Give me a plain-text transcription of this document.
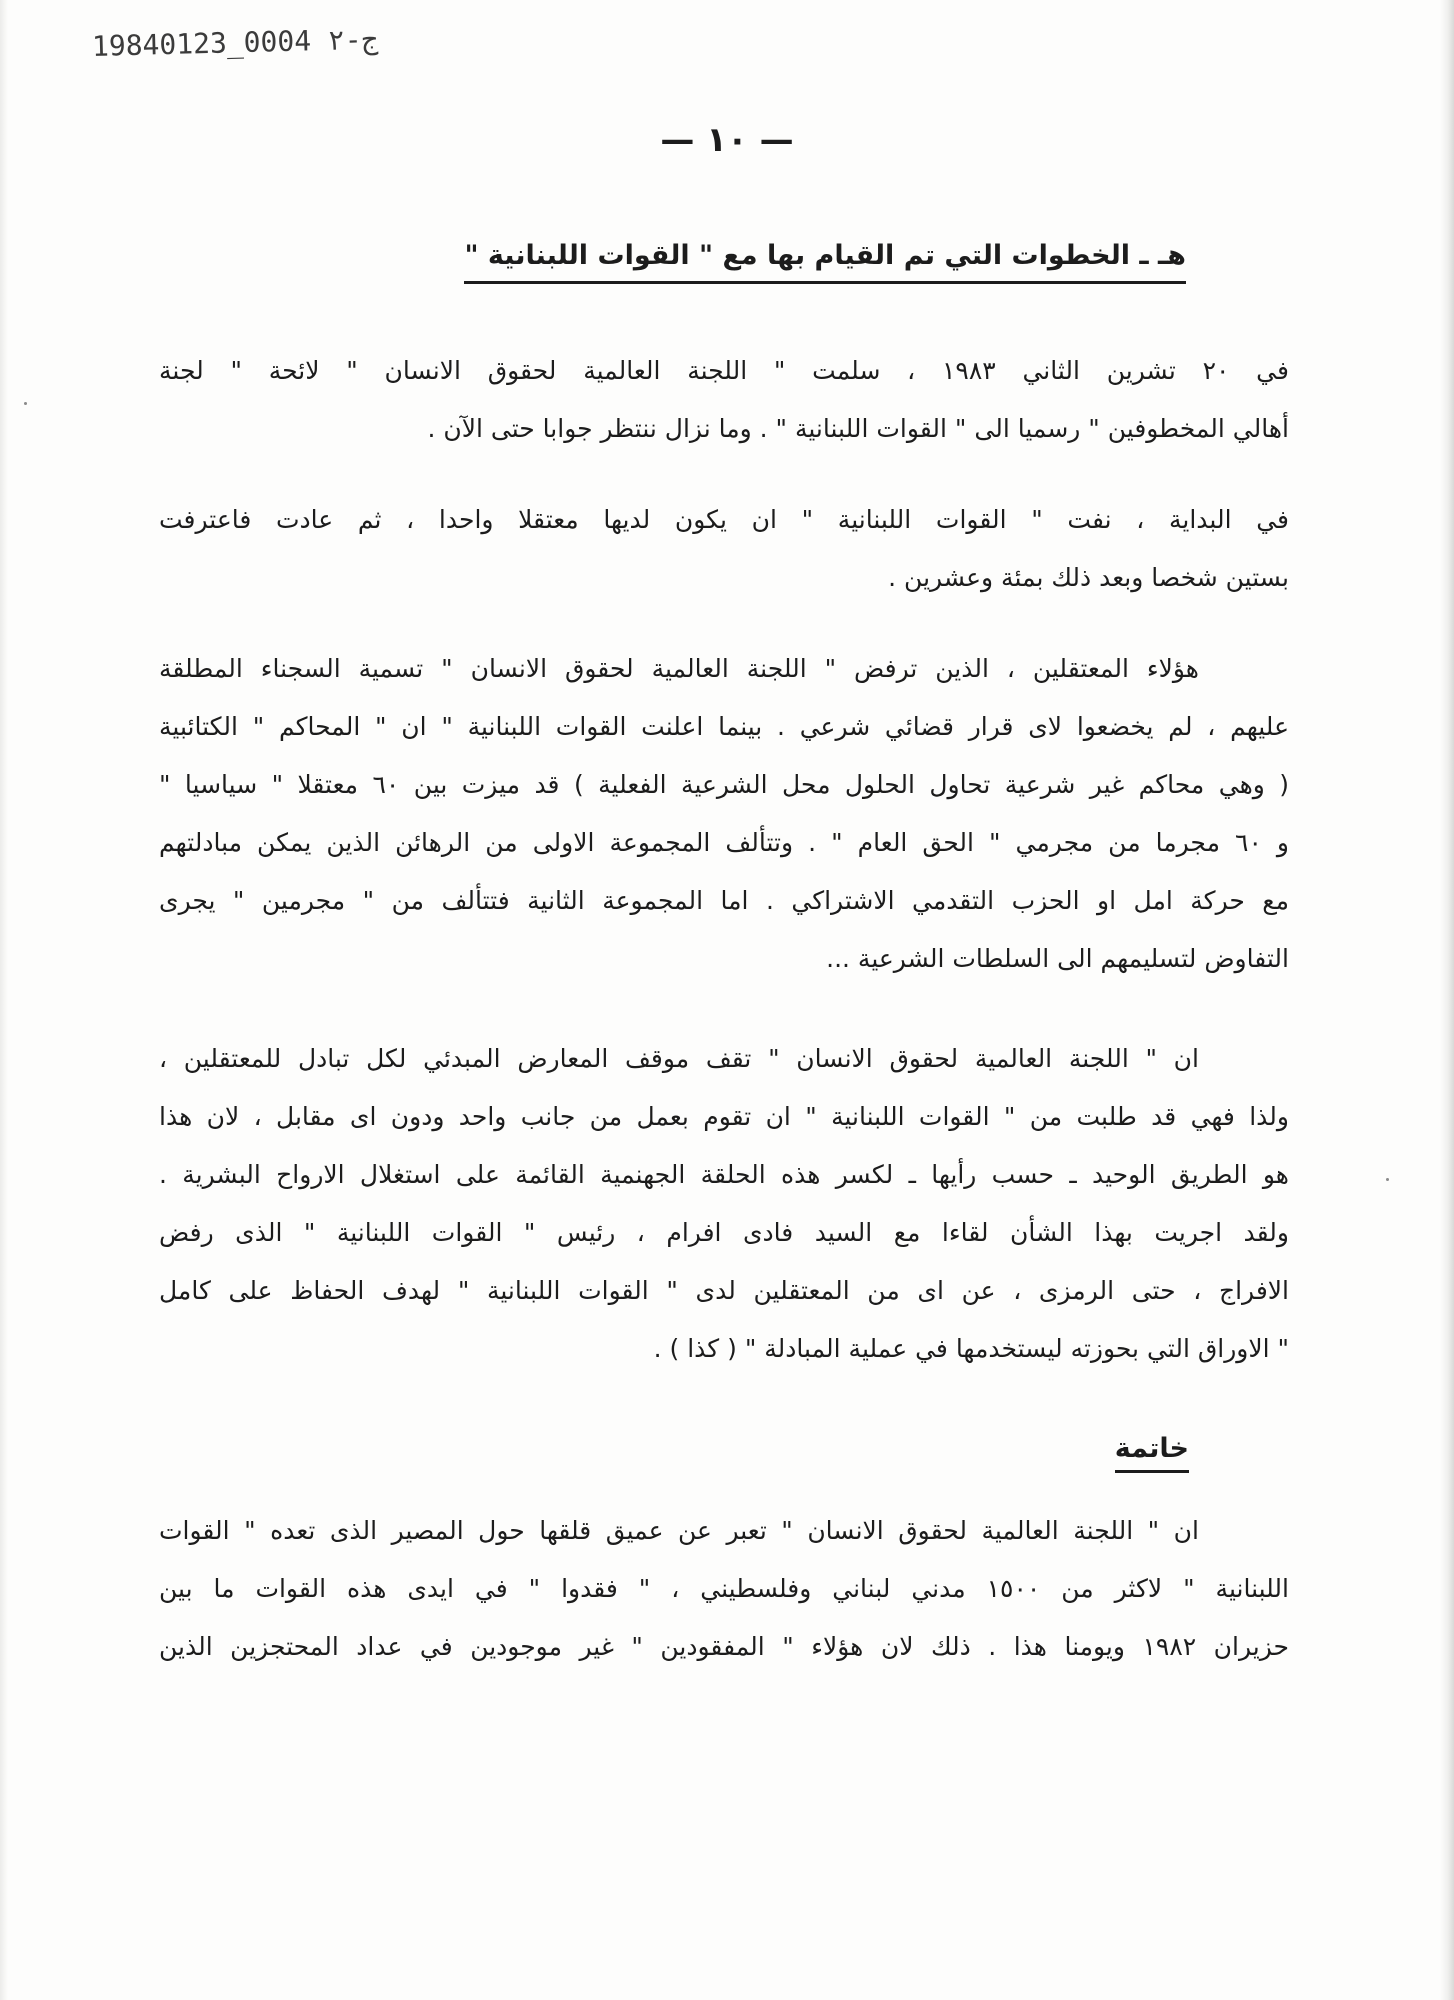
19840123_0004 ج-٢
— ١٠ —
هـ ـ الخطوات التي تم القيام بها مع " القوات اللبنانية "
في ٢٠ تشرين الثاني ١٩٨٣ ، سلمت " اللجنة العالمية لحقوق الانسان " لائحة " لجنة
أهالي المخطوفين " رسميا الى " القوات اللبنانية " . وما نزال ننتظر جوابا حتى الآن .
في البداية ، نفت " القوات اللبنانية " ان يكون لديها معتقلا واحدا ، ثم عادت فاعترفت
بستين شخصا وبعد ذلك بمئة وعشرين .
هؤلاء المعتقلين ، الذين ترفض " اللجنة العالمية لحقوق الانسان " تسمية السجناء المطلقة
عليهم ، لم يخضعوا لاى قرار قضائي شرعي . بينما اعلنت القوات اللبنانية " ان " المحاكم " الكتائبية
( وهي محاكم غير شرعية تحاول الحلول محل الشرعية الفعلية ) قد ميزت بين ٦٠ معتقلا " سياسيا "
و ٦٠ مجرما من مجرمي " الحق العام " . وتتألف المجموعة الاولى من الرهائن الذين يمكن مبادلتهم
مع حركة امل او الحزب التقدمي الاشتراكي . اما المجموعة الثانية فتتألف من " مجرمين " يجرى
التفاوض لتسليمهم الى السلطات الشرعية ...
ان " اللجنة العالمية لحقوق الانسان " تقف موقف المعارض المبدئي لكل تبادل للمعتقلين ،
ولذا فهي قد طلبت من " القوات اللبنانية " ان تقوم بعمل من جانب واحد ودون اى مقابل ، لان هذا
هو الطريق الوحيد ـ حسب رأيها ـ لكسر هذه الحلقة الجهنمية القائمة على استغلال الارواح البشرية .
ولقد اجريت بهذا الشأن لقاءا مع السيد فادى افرام ، رئيس " القوات اللبنانية " الذى رفض
الافراج ، حتى الرمزى ، عن اى من المعتقلين لدى " القوات اللبنانية " لهدف الحفاظ على كامل
" الاوراق التي بحوزته ليستخدمها في عملية المبادلة " ( كذا ) .
خاتمة
ان " اللجنة العالمية لحقوق الانسان " تعبر عن عميق قلقها حول المصير الذى تعده " القوات
اللبنانية " لاكثر من ١٥٠٠ مدني لبناني وفلسطيني ، " فقدوا " في ايدى هذه القوات ما بين
حزيران ١٩٨٢ ويومنا هذا . ذلك لان هؤلاء " المفقودين " غير موجودين في عداد المحتجزين الذين
